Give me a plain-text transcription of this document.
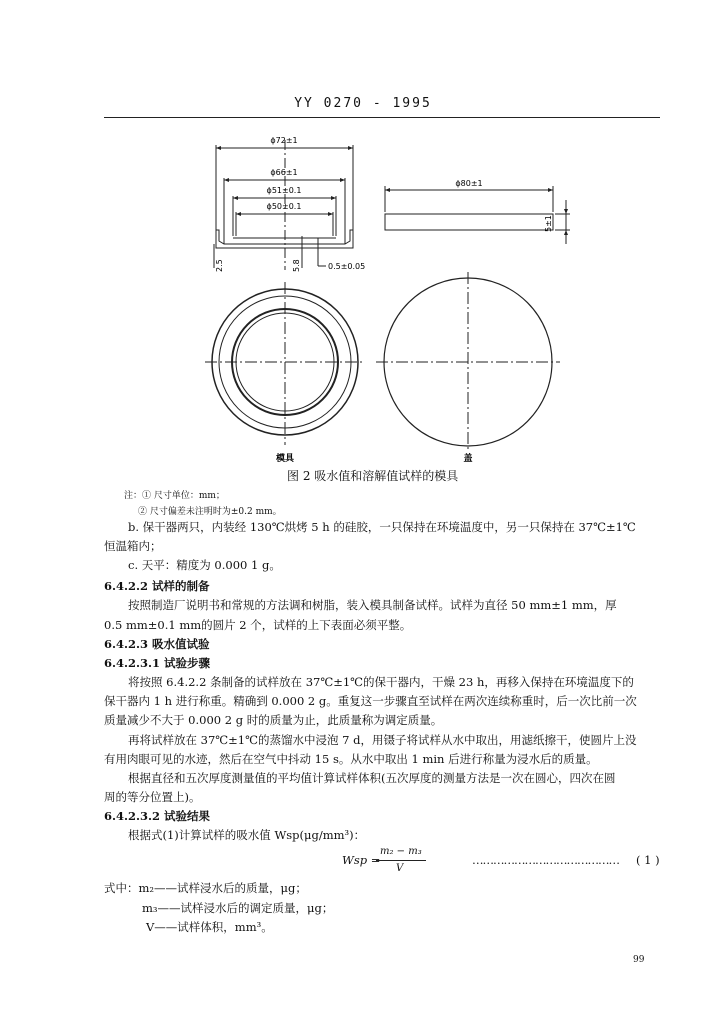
YY 0270 - 1995
ϕ72±1
ϕ66±1
ϕ51±0.1
ϕ50±0.1
2.5	5.8	0.5±0.05
ϕ80±1
5±1
模具	盖
图 2 吸水值和溶解值试样的模具
注：① 尺寸单位：mm；
② 尺寸偏差未注明时为±0.2 mm。
b. 保干器两只，内装经 130℃烘烤 5 h 的硅胶，一只保持在环境温度中，另一只保持在 37℃±1℃
恒温箱内；
c. 天平：精度为 0.000 1 g。
6.4.2.2 试样的制备
按照制造厂说明书和常规的方法调和树脂，装入模具制备试样。试样为直径 50 mm±1 mm，厚
0.5 mm±0.1 mm的圆片 2 个，试样的上下表面必须平整。
6.4.2.3 吸水值试验
6.4.2.3.1 试验步骤
将按照 6.4.2.2 条制备的试样放在 37℃±1℃的保干器内，干燥 23 h，再移入保持在环境温度下的
保干器内 1 h 进行称重。精确到 0.000 2 g。重复这一步骤直至试样在两次连续称重时，后一次比前一次
质量减少不大于 0.000 2 g 时的质量为止，此质量称为调定质量。
再将试样放在 37℃±1℃的蒸馏水中浸泡 7 d，用镊子将试样从水中取出，用滤纸擦干，使圆片上没
有用肉眼可见的水迹，然后在空气中抖动 15 s。从水中取出 1 min 后进行称量为浸水后的质量。
根据直径和五次厚度测量值的平均值计算试样体积(五次厚度的测量方法是一次在圆心，四次在圆
周的等分位置上)。
6.4.2.3.2 试验结果
根据式(1)计算试样的吸水值 Wsp(μg/mm³)：
Wsp =
m₂ − m₃
V
…………………………………… ( 1 )
式中：m₂——试样浸水后的质量，μg；
m₃——试样浸水后的调定质量，μg；
V——试样体积，mm³。
99
